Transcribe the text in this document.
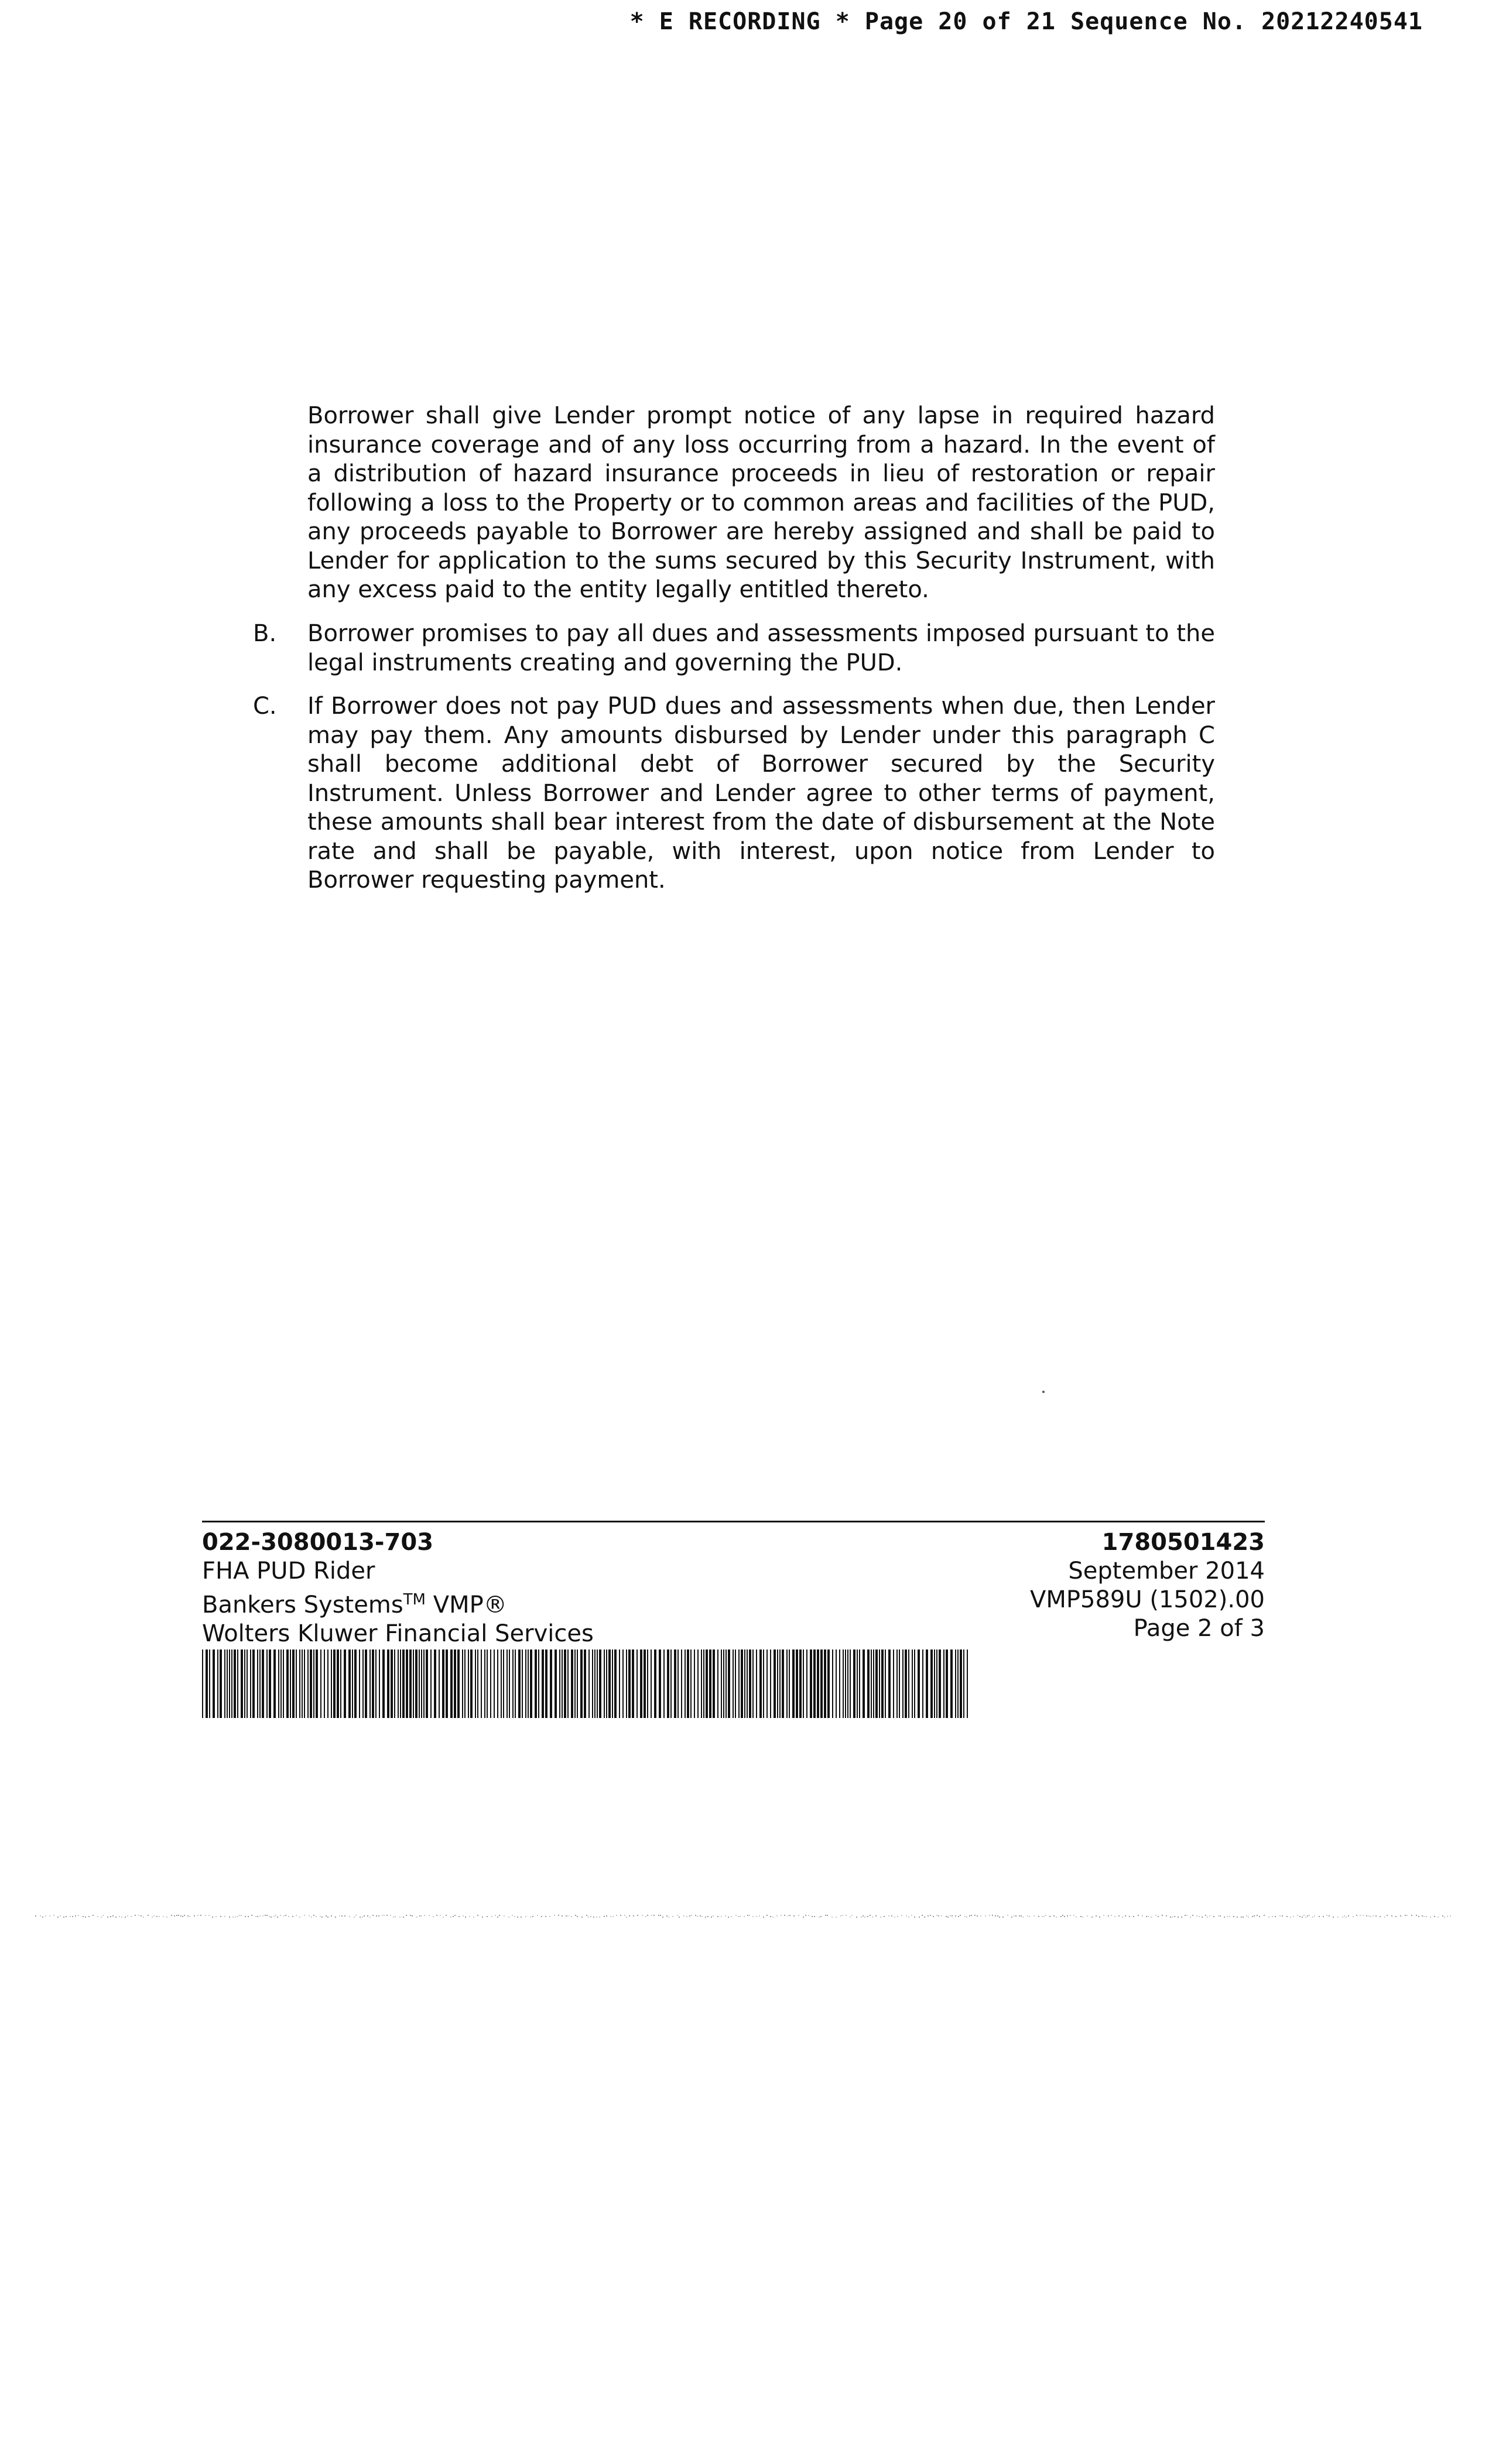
* E RECORDING * Page 20 of 21 Sequence No. 20212240541
Borrower shall give Lender prompt notice of any lapse in required hazard insurance coverage and of any loss occurring from a hazard. In the event of a distribution of hazard insurance proceeds in lieu of restoration or repair following a loss to the Property or to common areas and facilities of the PUD, any proceeds payable to Borrower are hereby assigned and shall be paid to Lender for application to the sums secured by this Security Instrument, with any excess paid to the entity legally entitled thereto.
B. Borrower promises to pay all dues and assessments imposed pursuant to the legal instruments creating and governing the PUD.
C. If Borrower does not pay PUD dues and assessments when due, then Lender may pay them. Any amounts disbursed by Lender under this paragraph C shall become additional debt of Borrower secured by the Security Instrument. Unless Borrower and Lender agree to other terms of payment, these amounts shall bear interest from the date of disbursement at the Note rate and shall be payable, with interest, upon notice from Lender to Borrower requesting payment.
022-3080013-703
FHA PUD Rider
Bankers Systems™ VMP®
Wolters Kluwer Financial Services
1780501423
September 2014
VMP589U (1502).00
Page 2 of 3
